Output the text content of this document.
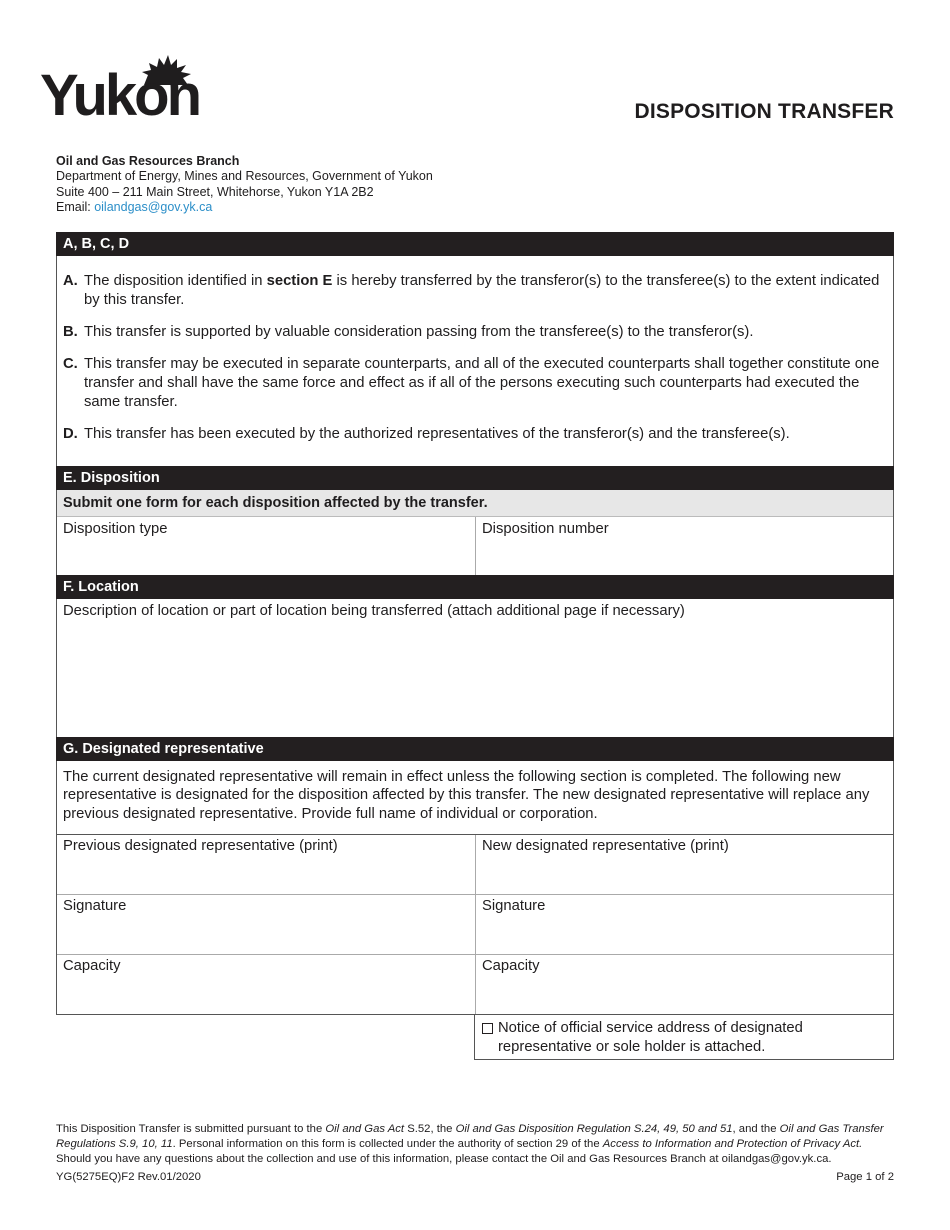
Yukon	DISPOSITION TRANSFER
Oil and Gas Resources Branch
Department of Energy, Mines and Resources, Government of Yukon
Suite 400 – 211 Main Street, Whitehorse, Yukon Y1A 2B2
Email: oilandgas@gov.yk.ca
A, B, C, D

A. The disposition identified in section E is hereby transferred by the transferor(s) to the transferee(s) to the extent indicated by this transfer.

B. This transfer is supported by valuable consideration passing from the transferee(s) to the transferor(s).

C. This transfer may be executed in separate counterparts, and all of the executed counterparts shall together constitute one transfer and shall have the same force and effect as if all of the persons executing such counterparts had executed the same transfer.

D. This transfer has been executed by the authorized representatives of the transferor(s) and the transferee(s).

E. Disposition
Submit one form for each disposition affected by the transfer.
Disposition type	Disposition number
F. Location
Description of location or part of location being transferred (attach additional page if necessary)
G. Designated representative
The current designated representative will remain in effect unless the following section is completed. The following new representative is designated for the disposition affected by this transfer. The new designated representative will replace any previous designated representative. Provide full name of individual or corporation.
Previous designated representative (print)	New designated representative (print)
Signature	Signature
Capacity	Capacity
Notice of official service address of designated representative or sole holder is attached.
This Disposition Transfer is submitted pursuant to the Oil and Gas Act S.52, the Oil and Gas Disposition Regulation S.24, 49, 50 and 51, and the Oil and Gas Transfer Regulations S.9, 10, 11. Personal information on this form is collected under the authority of section 29 of the Access to Information and Protection of Privacy Act. Should you have any questions about the collection and use of this information, please contact the Oil and Gas Resources Branch at oilandgas@gov.yk.ca.
YG(5275EQ)F2 Rev.01/2020	Page 1 of 2
